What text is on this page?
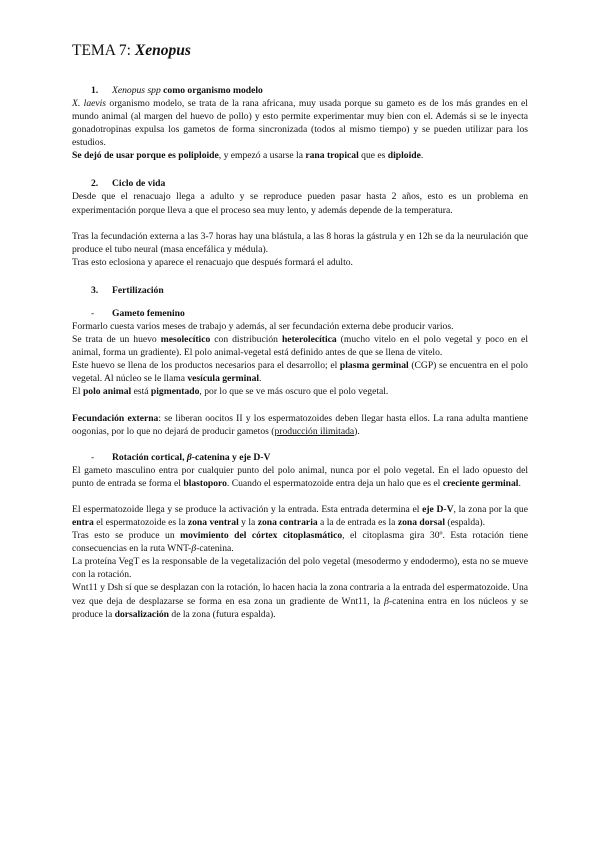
TEMA 7: Xenopus
1. Xenopus spp como organismo modelo

X. laevis organismo modelo, se trata de la rana africana, muy usada porque su gameto es de los más grandes en el mundo animal (al margen del huevo de pollo) y esto permite experimentar muy bien con el. Además si se le inyecta gonadotropinas expulsa los gametos de forma sincronizada (todos al mismo tiempo) y se pueden utilizar para los estudios.

Se dejó de usar porque es poliploide, y empezó a usarse la rana tropical que es diploide.

2. Ciclo de vida

Desde que el renacuajo llega a adulto y se reproduce pueden pasar hasta 2 años, esto es un problema en experimentación porque lleva a que el proceso sea muy lento, y además depende de la temperatura.

Tras la fecundación externa a las 3-7 horas hay una blástula, a las 8 horas la gástrula y en 12h se da la neurulación que produce el tubo neural (masa encefálica y médula).

Tras esto eclosiona y aparece el renacuajo que después formará el adulto.

3. Fertilización
- Gameto femenino

Formarlo cuesta varios meses de trabajo y además, al ser fecundación externa debe producir varios.

Se trata de un huevo mesolecítico con distribución heterolecítica (mucho vitelo en el polo vegetal y poco en el animal, forma un gradiente). El polo animal-vegetal está definido antes de que se llena de vitelo.

Este huevo se llena de los productos necesarios para el desarrollo; el plasma germinal (CGP) se encuentra en el polo vegetal. Al núcleo se le llama vesícula germinal.

El polo animal está pigmentado, por lo que se ve más oscuro que el polo vegetal.

Fecundación externa: se liberan oocitos II y los espermatozoides deben llegar hasta ellos. La rana adulta mantiene oogonias, por lo que no dejará de producir gametos (producción ilimitada).

- Rotación cortical, β-catenina y eje D-V

El gameto masculino entra por cualquier punto del polo animal, nunca por el polo vegetal. En el lado opuesto del punto de entrada se forma el blastoporo. Cuando el espermatozoide entra deja un halo que es el creciente germinal.

El espermatozoide llega y se produce la activación y la entrada. Esta entrada determina el eje D-V, la zona por la que entra el espermatozoide es la zona ventral y la zona contraria a la de entrada es la zona dorsal (espalda).

Tras esto se produce un movimiento del córtex citoplasmático, el citoplasma gira 30º. Esta rotación tiene consecuencias en la ruta WNT-β-catenina.

La proteína VegT es la responsable de la vegetalización del polo vegetal (mesodermo y endodermo), esta no se mueve con la rotación.

Wnt11 y Dsh sí que se desplazan con la rotación, lo hacen hacia la zona contraria a la entrada del espermatozoide. Una vez que deja de desplazarse se forma en esa zona un gradiente de Wnt11, la β-catenina entra en los núcleos y se produce la dorsalización de la zona (futura espalda).
